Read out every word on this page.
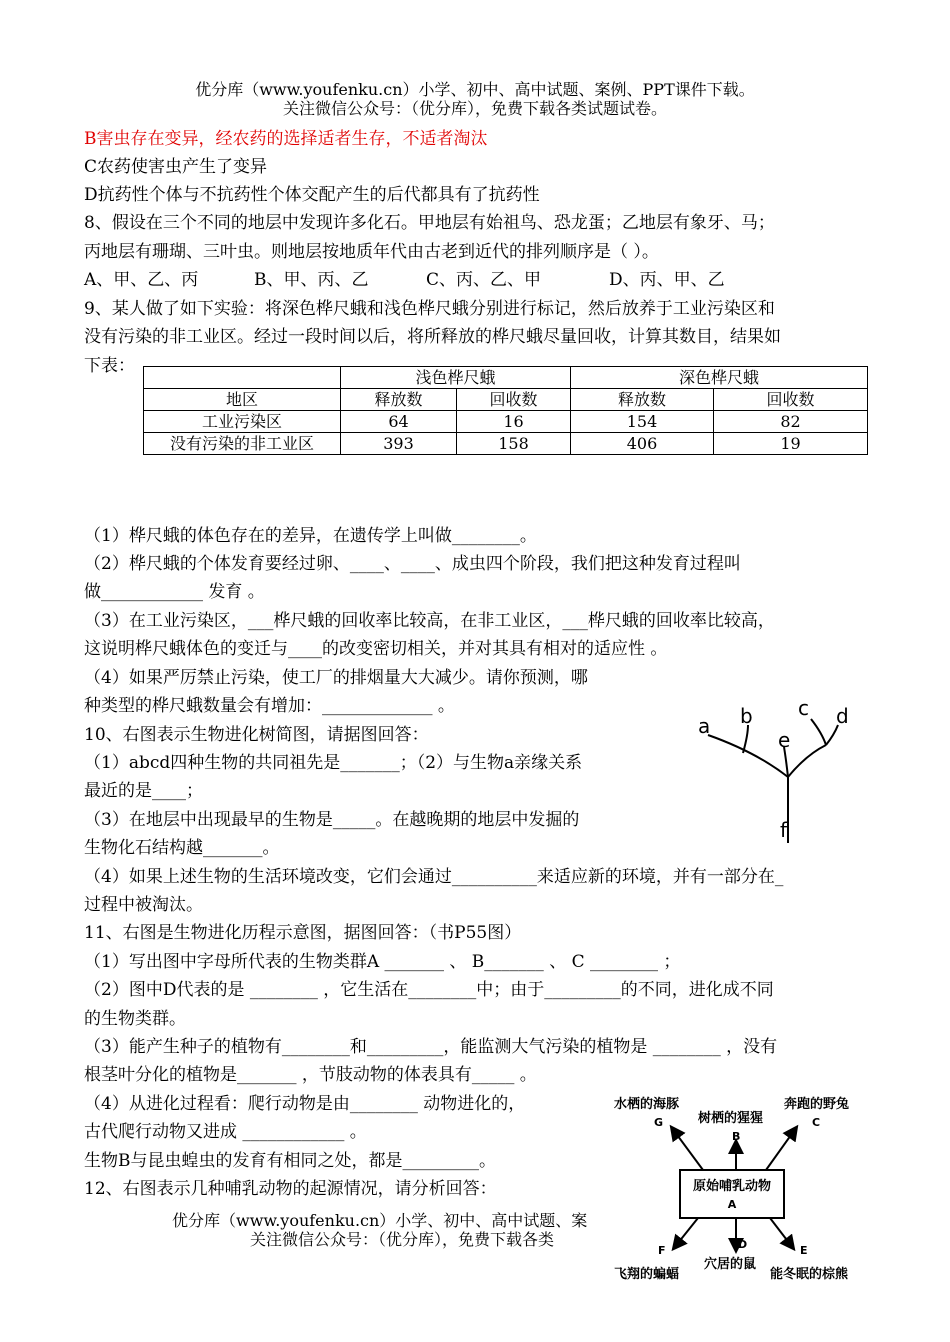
优分库（www.youfenku.cn）小学、初中、高中试题、案例、PPT课件下载。
关注微信公众号：（优分库），免费下载各类试题试卷。
B害虫存在变异，经农药的选择适者生存，不适者淘汰
C农药使害虫产生了变异
D抗药性个体与不抗药性个体交配产生的后代都具有了抗药性
8、假设在三个不同的地层中发现许多化石。甲地层有始祖鸟、恐龙蛋；乙地层有象牙、马；
丙地层有珊瑚、三叶虫。则地层按地质年代由古老到近代的排列顺序是（ ）。
A、甲、乙、丙	B、甲、丙、乙	C、丙、乙、甲	D、丙、甲、乙
9、某人做了如下实验：将深色桦尺蛾和浅色桦尺蛾分别进行标记，然后放养于工业污染区和
没有污染的非工业区。经过一段时间以后，将所释放的桦尺蛾尽量回收，计算其数目，结果如
下表：
	浅色桦尺蛾		深色桦尺蛾	
地区	释放数	回收数	释放数	回收数
工业污染区	64	16	154	82
没有污染的非工业区	393	158	406	19
（1）桦尺蛾的体色存在的差异，在遗传学上叫做________。
（2）桦尺蛾的个体发育要经过卵、____、____、成虫四个阶段，我们把这种发育过程叫
做____________ 发育 。
（3）在工业污染区，___桦尺蛾的回收率比较高，在非工业区，___桦尺蛾的回收率比较高，
这说明桦尺蛾体色的变迁与____的改变密切相关，并对其具有相对的适应性 。
（4）如果严厉禁止污染，使工厂的排烟量大大减少。请你预测，哪
种类型的桦尺蛾数量会有增加：_____________ 。
10、右图表示生物进化树简图，请据图回答：
（1）abcd四种生物的共同祖先是_______；（2）与生物a亲缘关系
最近的是____；
（3）在地层中出现最早的生物是_____。在越晚期的地层中发掘的
生物化石结构越_______。
（4）如果上述生物的生活环境改变，它们会通过__________来适应新的环境，并有一部分在_
过程中被淘汰。
a b c d
e
f
11、右图是生物进化历程示意图，据图回答：（书P55图）
（1）写出图中字母所代表的生物类群A _______ 、 B_______ 、 C ________ ；
（2）图中D代表的是 ________ ，它生活在________中；由于_________的不同，进化成不同
的生物类群。
（3）能产生种子的植物有________和_________，能监测大气污染的植物是 ________ ，没有
根茎叶分化的植物是_______ ，节肢动物的体表具有_____ 。
（4）从进化过程看：爬行动物是由________ 动物进化的，
古代爬行动物又进成 ____________ 。
生物B与昆虫蝗虫的发育有相同之处，都是_________。
12、右图表示几种哺乳动物的起源情况，请分析回答：
优分库（www.youfenku.cn）小学、初中、高中试题、案
关注微信公众号：（优分库），免费下载各类
原始哺乳动物
A
水栖的海豚
G	树栖的猩猩
B
奔跑的野兔
C
F
飞翔的蝙蝠
D
穴居的鼠
E
能冬眠的棕熊
